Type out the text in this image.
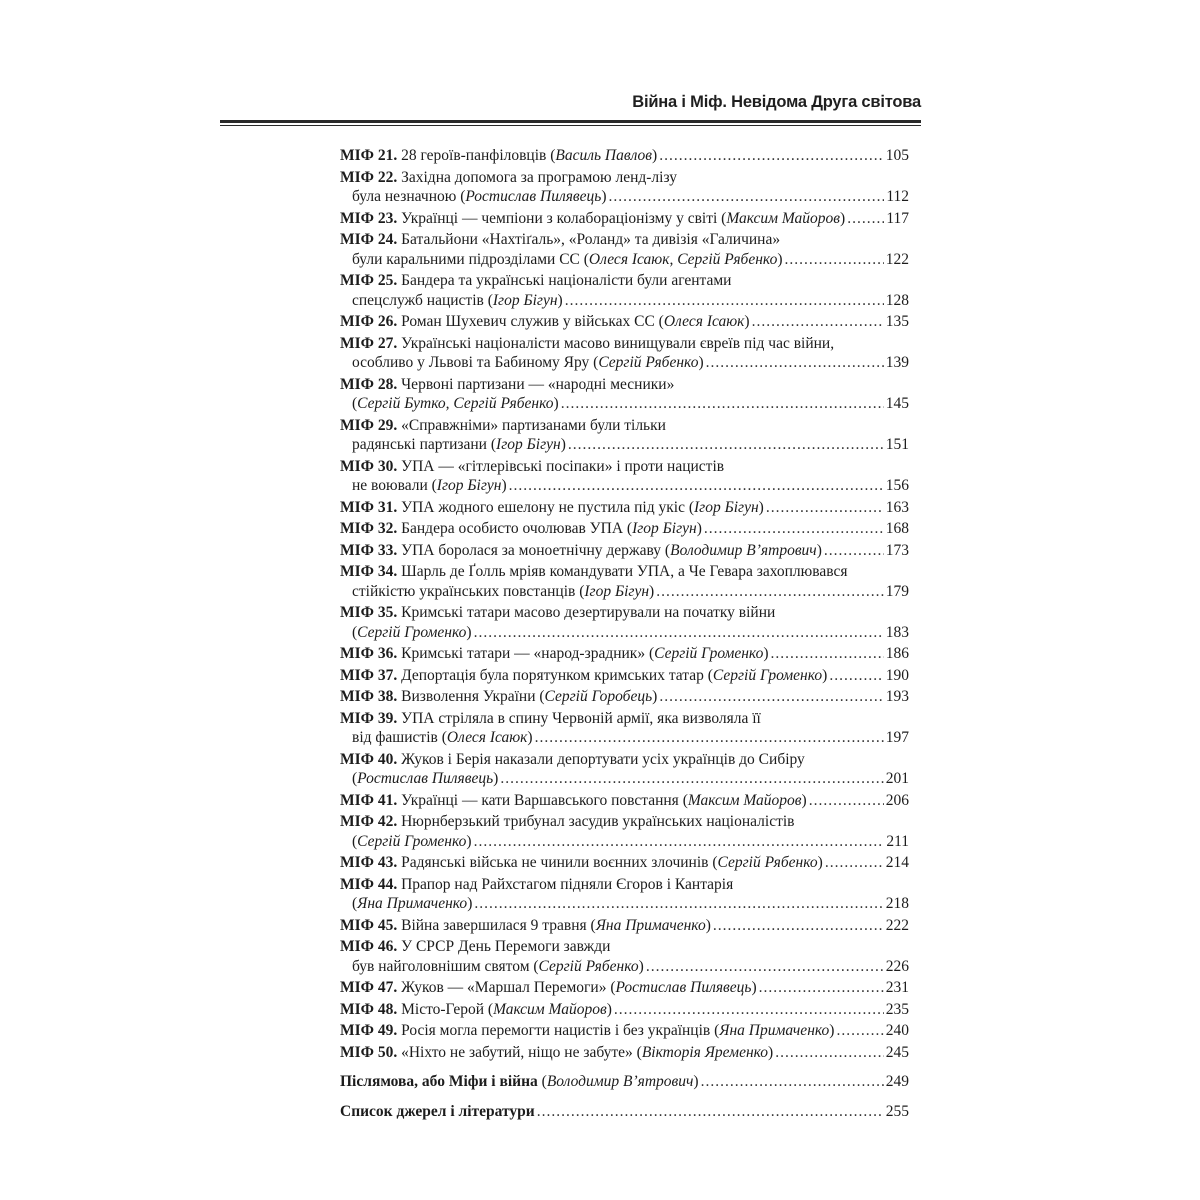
Війна і Міф. Невідома Друга світова
МІФ 21. 28 героїв-панфіловців (Василь Павлов) .....	105
МІФ 22. Західна допомога за програмою ленд-лізу
була незначною (Ростислав Пилявець) .....	112
МІФ 23. Українці — чемпіони з колабораціонізму у світі (Максим Майоров) .....	117
МІФ 24. Батальйони «Нахтіґаль», «Роланд» та дивізія «Галичина»
були каральними підрозділами СС (Олеся Ісаюк, Сергій Рябенко) .....	122
МІФ 25. Бандера та українські націоналісти були агентами
спецслужб нацистів (Ігор Бігун) .....	128
МІФ 26. Роман Шухевич служив у військах СС (Олеся Ісаюк) .....	135
МІФ 27. Українські націоналісти масово винищували євреїв під час війни,
особливо у Львові та Бабиному Яру (Сергій Рябенко) .....	139
МІФ 28. Червоні партизани — «народні месники»
(Сергій Бутко, Сергій Рябенко) .....	145
МІФ 29. «Справжніми» партизанами були тільки
радянські партизани (Ігор Бігун) .....	151
МІФ 30. УПА — «гітлерівські посіпаки» і проти нацистів
не воювали (Ігор Бігун) .....	156
МІФ 31. УПА жодного ешелону не пустила під укіс (Ігор Бігун) .....	163
МІФ 32. Бандера особисто очолював УПА (Ігор Бігун) .....	168
МІФ 33. УПА боролася за моноетнічну державу (Володимир В’ятрович) .....	173
МІФ 34. Шарль де Ґолль мріяв командувати УПА, а Че Гевара захоплювався
стійкістю українських повстанців (Ігор Бігун) .....	179
МІФ 35. Кримські татари масово дезертирували на початку війни
(Сергій Громенко) .....	183
МІФ 36. Кримські татари — «народ-зрадник» (Сергій Громенко) .....	186
МІФ 37. Депортація була порятунком кримських татар (Сергій Громенко) .....	190
МІФ 38. Визволення України (Сергій Горобець) .....	193
МІФ 39. УПА стріляла в спину Червоній армії, яка визволяла її
від фашистів (Олеся Ісаюк) .....	197
МІФ 40. Жуков і Берія наказали депортувати усіх українців до Сибіру
(Ростислав Пилявець) .....	201
МІФ 41. Українці — кати Варшавського повстання (Максим Майоров) .....	206
МІФ 42. Нюрнберзький трибунал засудив українських націоналістів
(Сергій Громенко) .....	211
МІФ 43. Радянські війська не чинили воєнних злочинів (Сергій Рябенко) .....	214
МІФ 44. Прапор над Райхстагом підняли Єгоров і Кантарія
(Яна Примаченко) .....	218
МІФ 45. Війна завершилася 9 травня (Яна Примаченко) .....	222
МІФ 46. У СРСР День Перемоги завжди
був найголовнішим святом (Сергій Рябенко) .....	226
МІФ 47. Жуков — «Маршал Перемоги» (Ростислав Пилявець) .....	231
МІФ 48. Місто-Герой (Максим Майоров) .....	235
МІФ 49. Росія могла перемогти нацистів і без українців (Яна Примаченко) .....	240
МІФ 50. «Ніхто не забутий, ніщо не забуте» (Вікторія Яременко) .....	245
Післямова, або Міфи і війна (Володимир В’ятрович) .....	249
Список джерел і літератури .....	255
